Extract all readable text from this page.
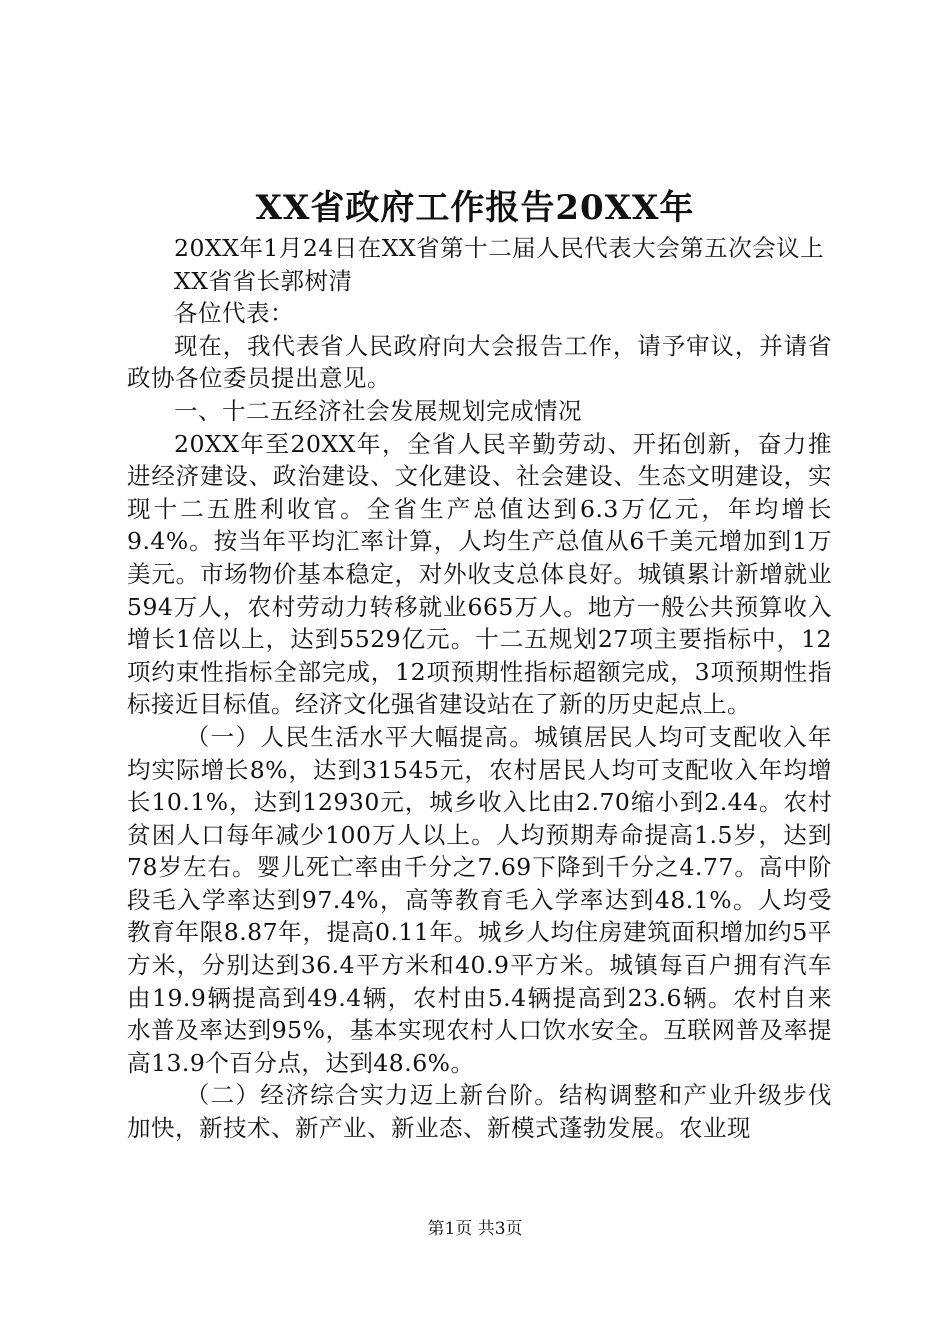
XX省政府工作报告20XX年

20XX年1月24日在XX省第十二届人民代表大会第五次会议上

XX省省长郭树清

各位代表：

现在，我代表省人民政府向大会报告工作，请予审议，并请省政协各位委员提出意见。

一、十二五经济社会发展规划完成情况

20XX年至20XX年，全省人民辛勤劳动、开拓创新，奋力推进经济建设、政治建设、文化建设、社会建设、生态文明建设，实现十二五胜利收官。全省生产总值达到6.3万亿元，年均增长9.4%。按当年平均汇率计算，人均生产总值从6千美元增加到1万美元。市场物价基本稳定，对外收支总体良好。城镇累计新增就业594万人，农村劳动力转移就业665万人。地方一般公共预算收入增长1倍以上，达到5529亿元。十二五规划27项主要指标中，12项约束性指标全部完成，12项预期性指标超额完成，3项预期性指标接近目标值。经济文化强省建设站在了新的历史起点上。

（一）人民生活水平大幅提高。城镇居民人均可支配收入年均实际增长8%，达到31545元，农村居民人均可支配收入年均增长10.1%，达到12930元，城乡收入比由2.70缩小到2.44。农村贫困人口每年减少100万人以上。人均预期寿命提高1.5岁，达到78岁左右。婴儿死亡率由千分之7.69下降到千分之4.77。高中阶段毛入学率达到97.4%，高等教育毛入学率达到48.1%。人均受教育年限8.87年，提高0.11年。城乡人均住房建筑面积增加约5平方米，分别达到36.4平方米和40.9平方米。城镇每百户拥有汽车由19.9辆提高到49.4辆，农村由5.4辆提高到23.6辆。农村自来水普及率达到95%，基本实现农村人口饮水安全。互联网普及率提高13.9个百分点，达到48.6%。

（二）经济综合实力迈上新台阶。结构调整和产业升级步伐加快，新技术、新产业、新业态、新模式蓬勃发展。农业现

第1页 共3页
